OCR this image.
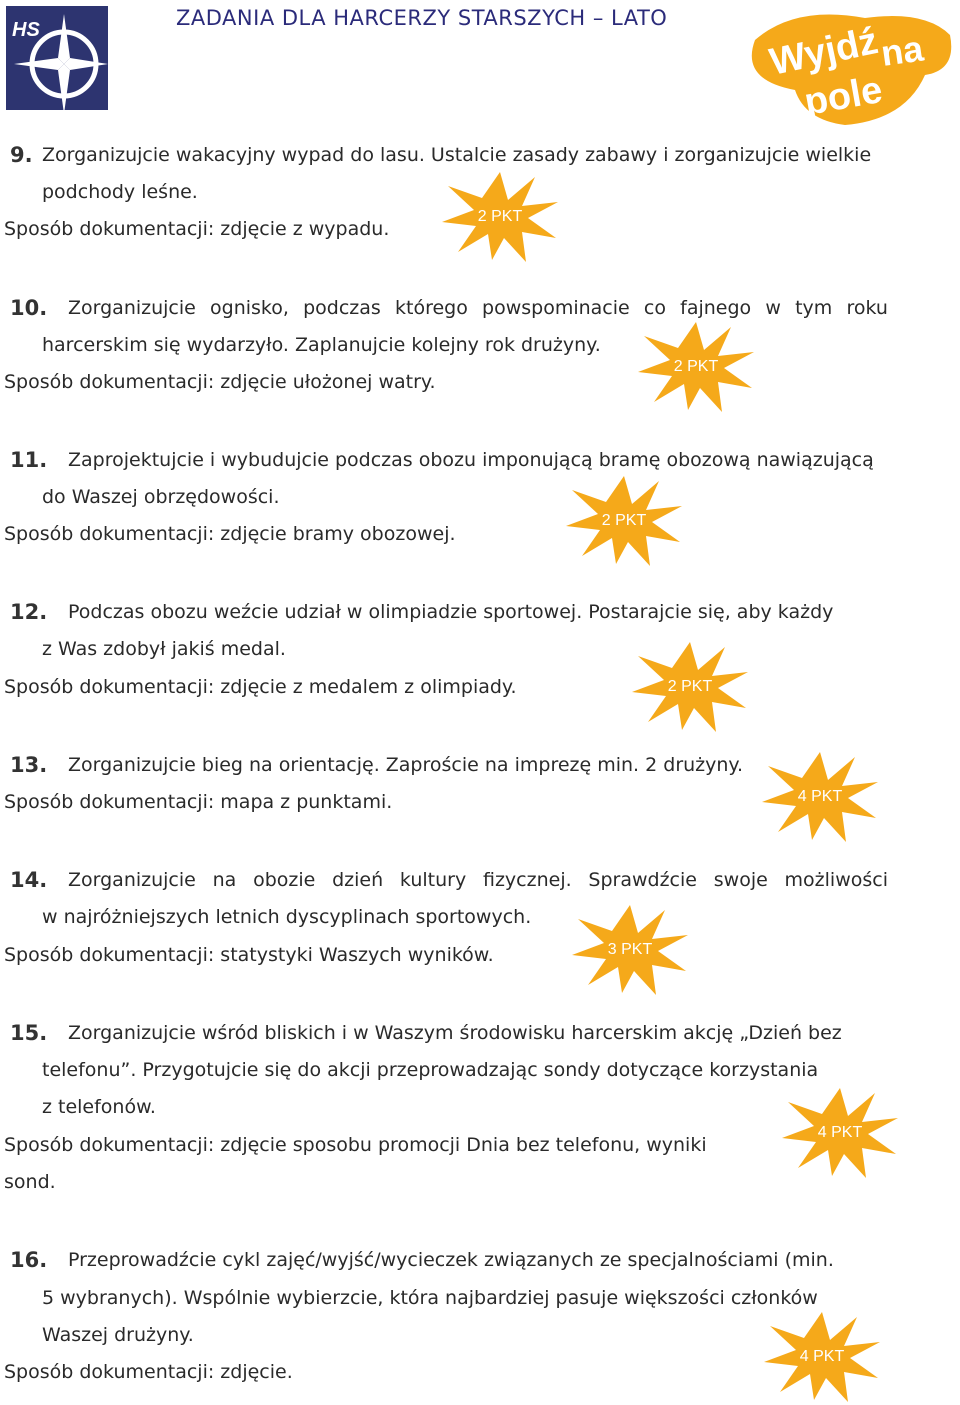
HS	ZADANIA DLA HARCERZY STARSZYCH – LATO
Wyjdź
na
pole
9. Zorganizujcie wakacyjny wypad do lasu. Ustalcie zasady zabawy i zorganizujcie wielkie
podchody leśne.
Sposób dokumentacji: zdjęcie z wypadu.
2 PKT
10. Zorganizujcie ognisko, podczas którego powspominacie co fajnego w tym roku
harcerskim się wydarzyło. Zaplanujcie kolejny rok drużyny.
Sposób dokumentacji: zdjęcie ułożonej watry.
2 PKT
11. Zaprojektujcie i wybudujcie podczas obozu imponującą bramę obozową nawiązującą
do Waszej obrzędowości.
Sposób dokumentacji: zdjęcie bramy obozowej.
2 PKT
12. Podczas obozu weźcie udział w olimpiadzie sportowej. Postarajcie się, aby każdy
z Was zdobył jakiś medal.
Sposób dokumentacji: zdjęcie z medalem z olimpiady.	2 PKT
13. Zorganizujcie bieg na orientację. Zaproście na imprezę min. 2 drużyny.
Sposób dokumentacji: mapa z punktami.	4 PKT
14. Zorganizujcie na obozie dzień kultury fizycznej. Sprawdźcie swoje możliwości
w najróżniejszych letnich dyscyplinach sportowych.
Sposób dokumentacji: statystyki Waszych wyników.	3 PKT
15. Zorganizujcie wśród bliskich i w Waszym środowisku harcerskim akcję „Dzień bez
telefonu”. Przygotujcie się do akcji przeprowadzając sondy dotyczące korzystania
z telefonów.
Sposób dokumentacji: zdjęcie sposobu promocji Dnia bez telefonu, wyniki
sond.
4 PKT
16. Przeprowadźcie cykl zajęć/wyjść/wycieczek związanych ze specjalnościami (min.
5 wybranych). Wspólnie wybierzcie, która najbardziej pasuje większości członków
Waszej drużyny.
Sposób dokumentacji: zdjęcie.
4 PKT
